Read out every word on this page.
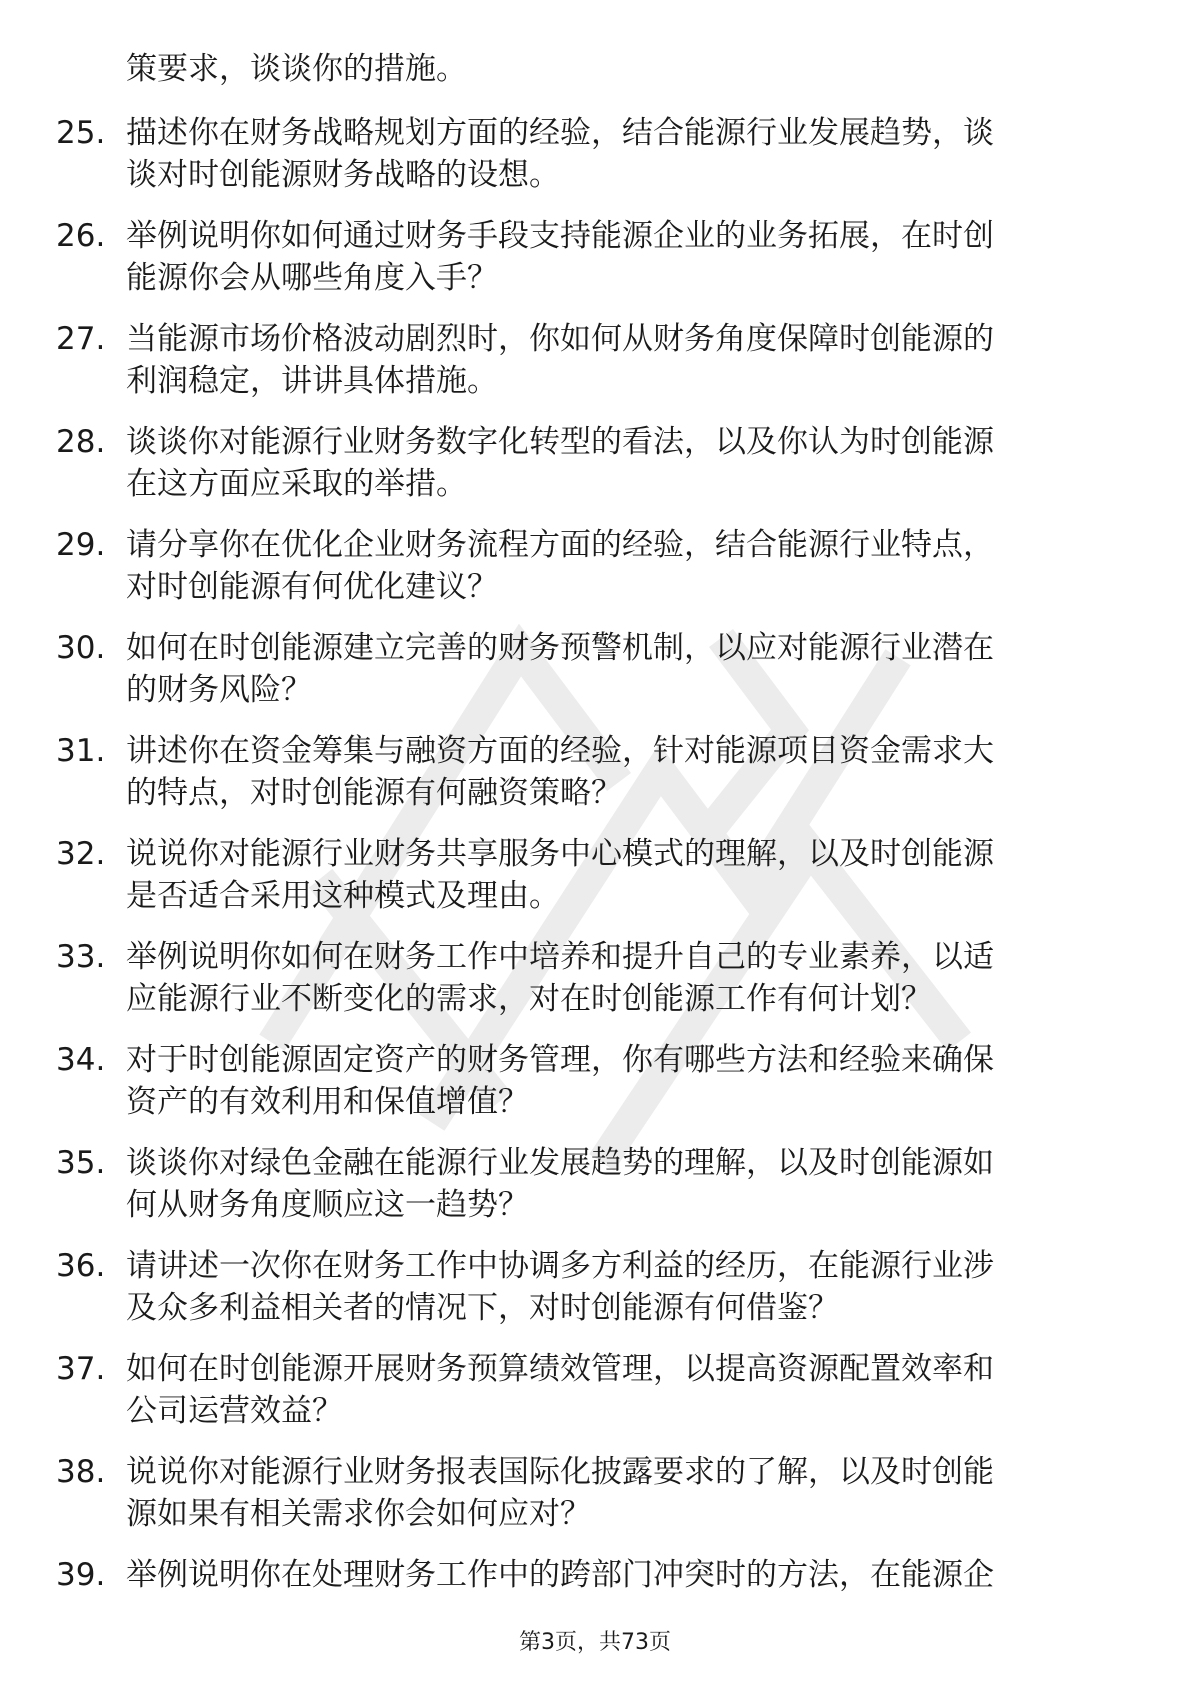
策要求，谈谈你的措施。
25. 描述你在财务战略规划方面的经验，结合能源行业发展趋势，谈
谈对时创能源财务战略的设想。
26. 举例说明你如何通过财务手段支持能源企业的业务拓展，在时创
能源你会从哪些角度入手？
27. 当能源市场价格波动剧烈时，你如何从财务角度保障时创能源的
利润稳定，讲讲具体措施。
28. 谈谈你对能源行业财务数字化转型的看法，以及你认为时创能源
在这方面应采取的举措。
29. 请分享你在优化企业财务流程方面的经验，结合能源行业特点，
对时创能源有何优化建议？
30. 如何在时创能源建立完善的财务预警机制，以应对能源行业潜在
的财务风险？
31. 讲述你在资金筹集与融资方面的经验，针对能源项目资金需求大
的特点，对时创能源有何融资策略？
32. 说说你对能源行业财务共享服务中心模式的理解，以及时创能源
是否适合采用这种模式及理由。
33. 举例说明你如何在财务工作中培养和提升自己的专业素养，以适
应能源行业不断变化的需求，对在时创能源工作有何计划？
34. 对于时创能源固定资产的财务管理，你有哪些方法和经验来确保
资产的有效利用和保值增值？
35. 谈谈你对绿色金融在能源行业发展趋势的理解，以及时创能源如
何从财务角度顺应这一趋势？
36. 请讲述一次你在财务工作中协调多方利益的经历，在能源行业涉
及众多利益相关者的情况下，对时创能源有何借鉴？
37. 如何在时创能源开展财务预算绩效管理，以提高资源配置效率和
公司运营效益？
38. 说说你对能源行业财务报表国际化披露要求的了解，以及时创能
源如果有相关需求你会如何应对？
39. 举例说明你在处理财务工作中的跨部门冲突时的方法，在能源企
第3页，共73页
